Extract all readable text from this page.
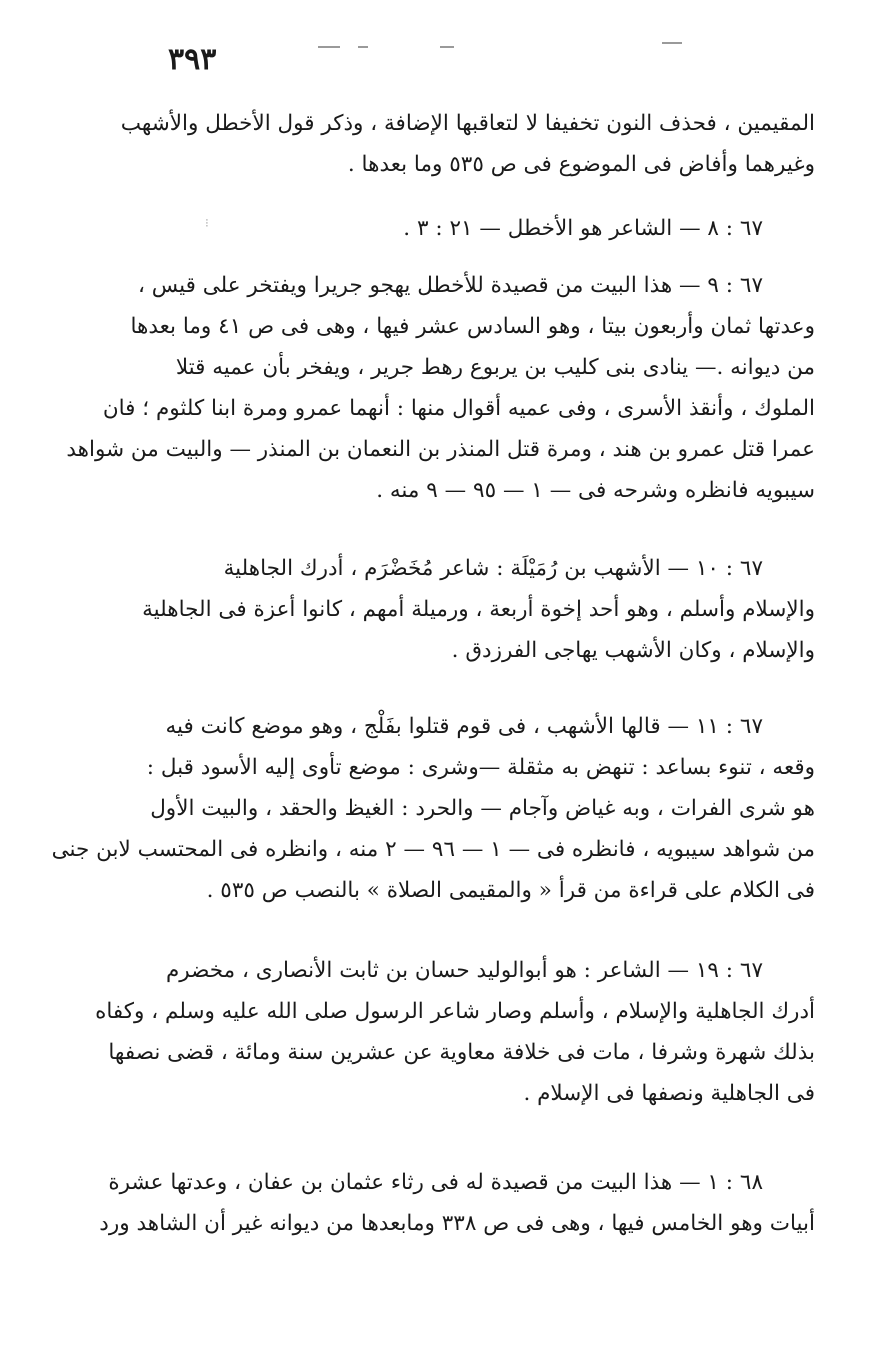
٣٩٣
⁝
المقيمين ، فحذف النون تخفيفا لا لتعاقبها الإضافة ، وذكر قول الأخطل والأشهب
وغيرهما وأفاض فى الموضوع فى ص ٥٣٥ وما بعدها .
٦٧ : ٨ — الشاعر هو الأخطل — ٢١ : ٣ .
٦٧ : ٩ — هذا البيت من قصيدة للأخطل يهجو جريرا ويفتخر على قيس ،
وعدتها ثمان وأربعون بيتا ، وهو السادس عشر فيها ، وهى فى ص ٤١ وما بعدها
من ديوانه .— ينادى بنى كليب بن يربوع رهط جرير ، ويفخر بأن عميه قتلا
الملوك ، وأنقذ الأسرى ، وفى عميه أقوال منها : أنهما عمرو ومرة ابنا كلثوم ؛ فان
عمرا قتل عمرو بن هند ، ومرة قتل المنذر بن النعمان بن المنذر — والبيت من شواهد
سيبويه فانظره وشرحه فى — ١ — ٩٥ — ٩ منه .
٦٧ : ١٠ — الأشهب بن رُمَيْلَة : شاعر مُخَضْرَم ، أدرك الجاهلية
والإسلام وأسلم ، وهو أحد إخوة أربعة ، ورميلة أمهم ، كانوا أعزة فى الجاهلية
والإسلام ، وكان الأشهب يهاجى الفرزدق .
٦٧ : ١١ — قالها الأشهب ، فى قوم قتلوا بفَلْج ، وهو موضع كانت فيه
وقعه ، تنوء بساعد : تنهض به مثقلة —وشرى : موضع تأوى إليه الأسود قبل :
هو شرى الفرات ، وبه غياض وآجام — والحرد : الغيظ والحقد ، والبيت الأول
من شواهد سيبويه ، فانظره فى — ١ — ٩٦ — ٢ منه ، وانظره فى المحتسب لابن جنى
فى الكلام على قراءة من قرأ « والمقيمى الصلاة » بالنصب ص ٥٣٥ .
٦٧ : ١٩ — الشاعر : هو أبوالوليد حسان بن ثابت الأنصارى ، مخضرم
أدرك الجاهلية والإسلام ، وأسلم وصار شاعر الرسول صلى الله عليه وسلم ، وكفاه
بذلك شهرة وشرفا ، مات فى خلافة معاوية عن عشرين سنة ومائة ، قضى نصفها
فى الجاهلية ونصفها فى الإسلام .
٦٨ : ١ — هذا البيت من قصيدة له فى رثاء عثمان بن عفان ، وعدتها عشرة
أبيات وهو الخامس فيها ، وهى فى ص ٣٣٨ ومابعدها من ديوانه غير أن الشاهد ورد
